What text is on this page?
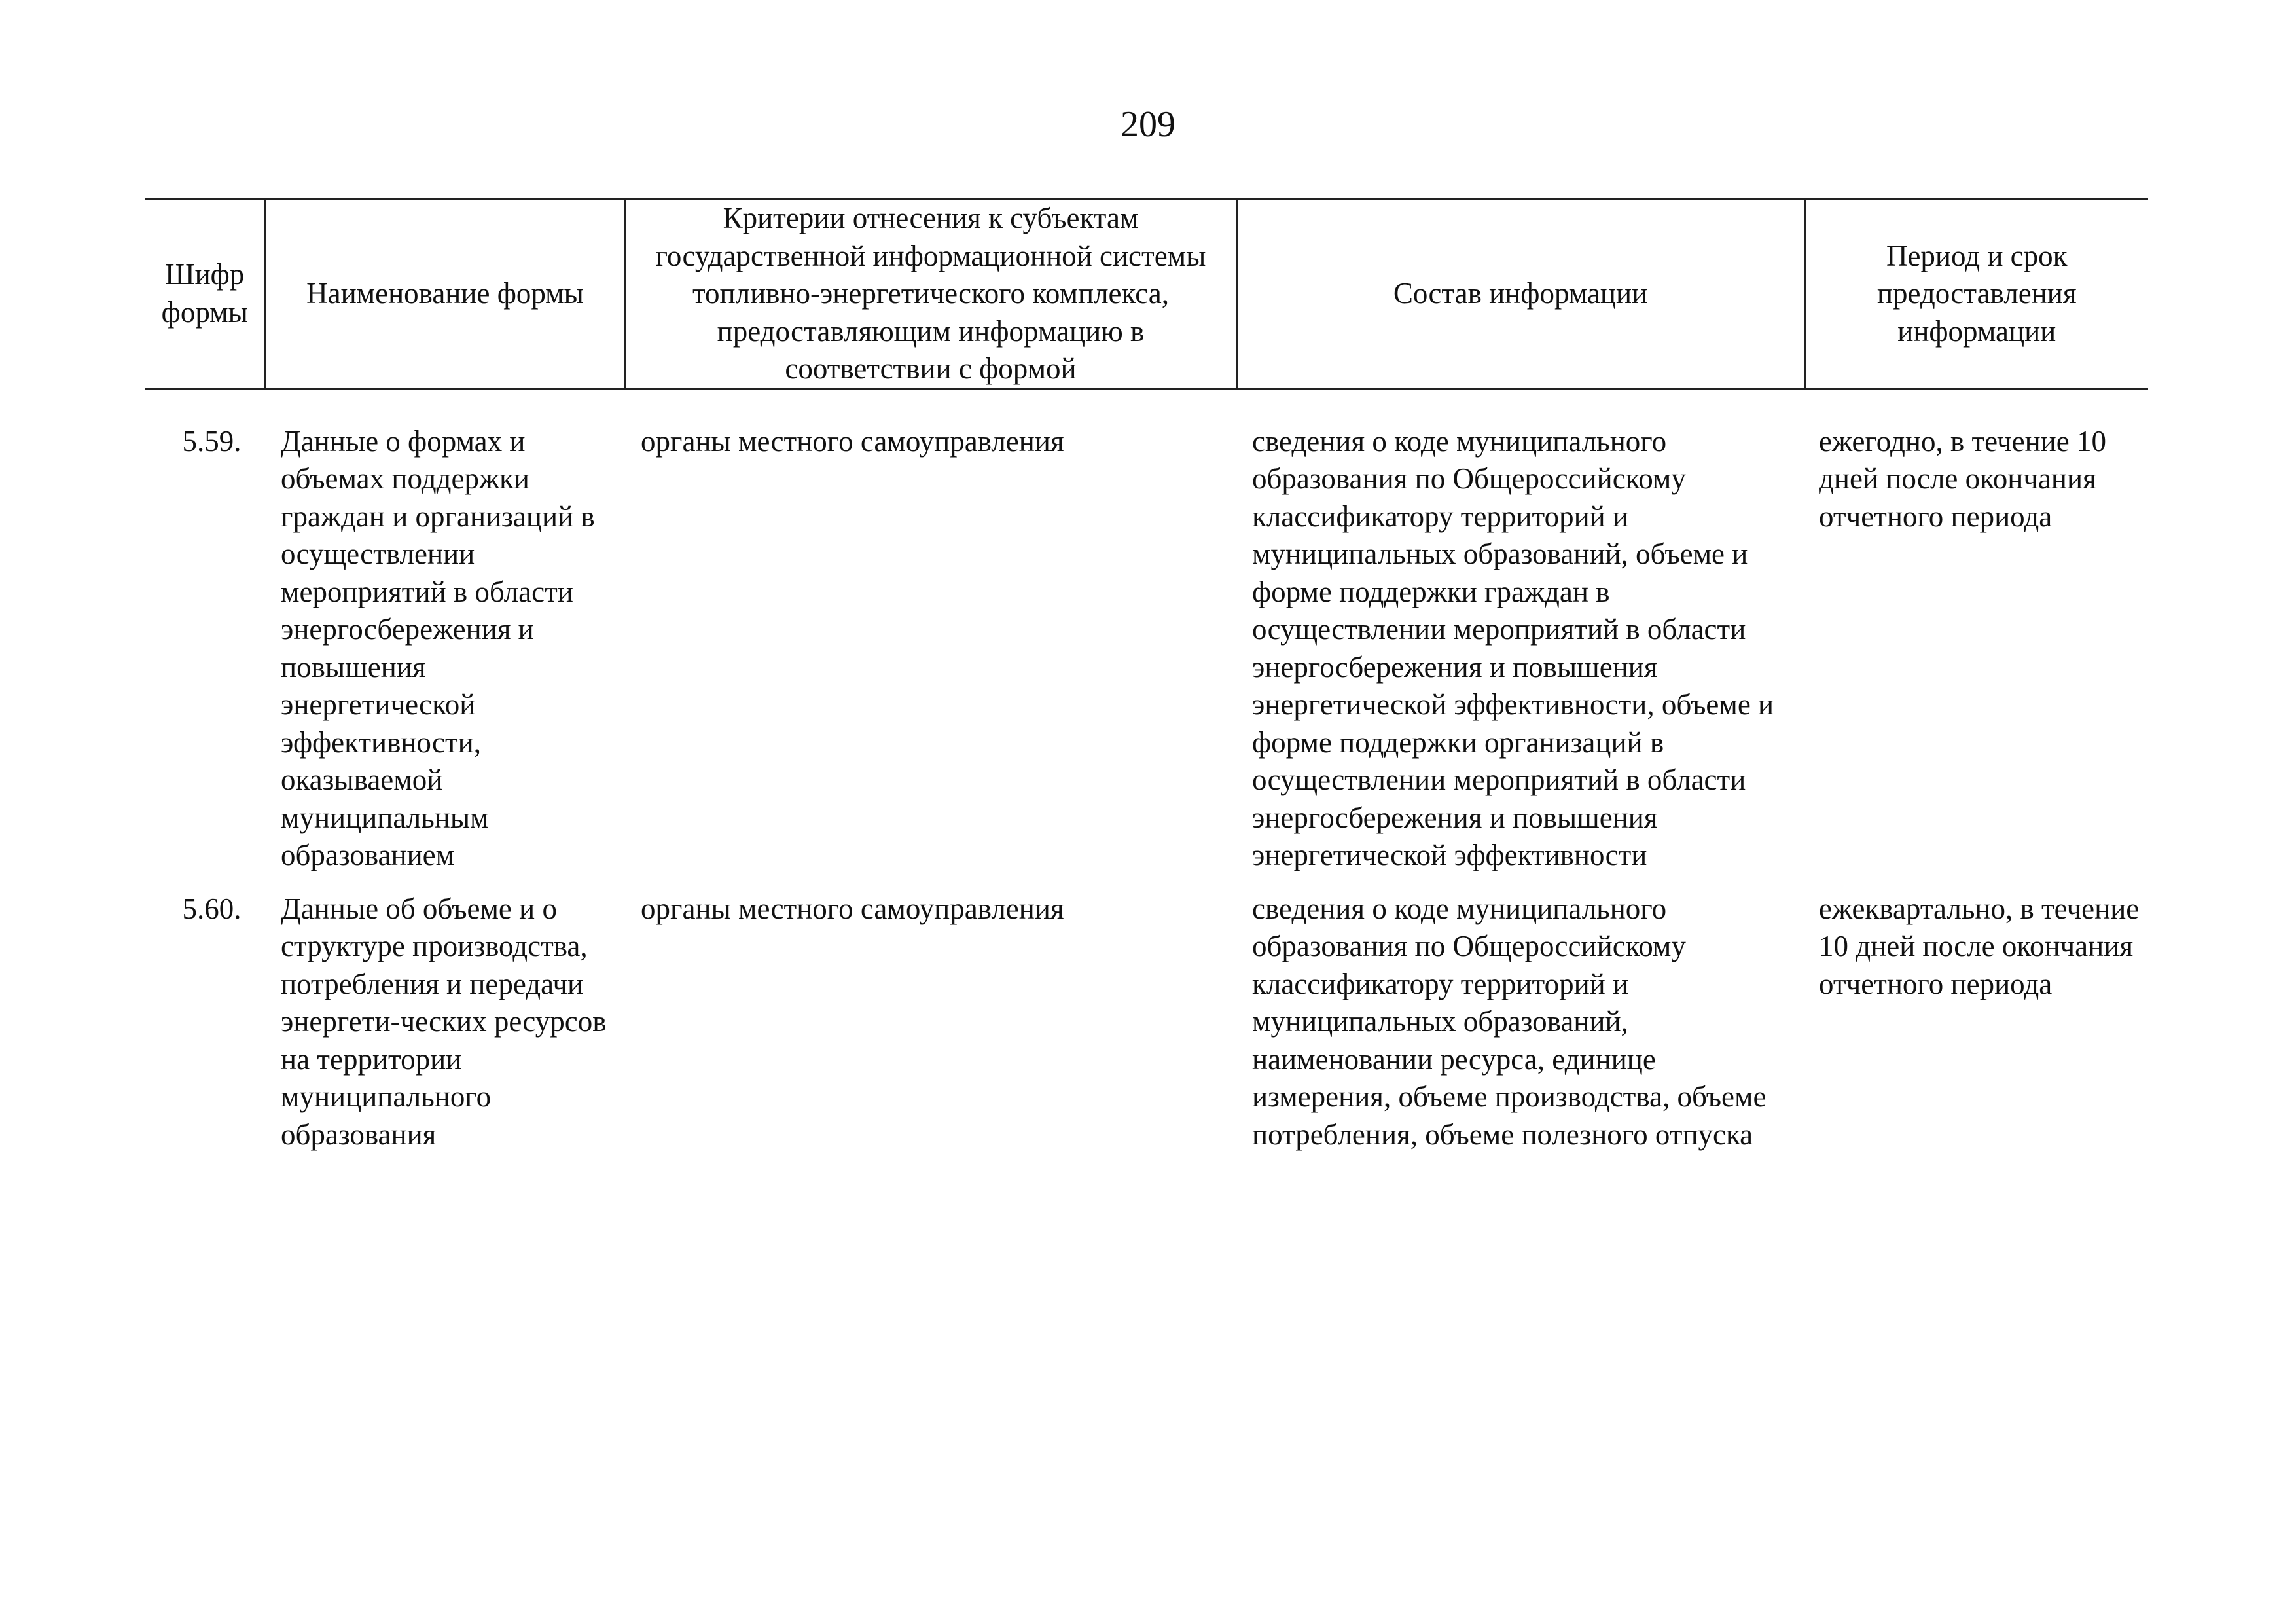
209
Шифр формы	Наименование формы	Критерии отнесения к субъектам государственной информационной системы топливно-энергетического комплекса, предоставляющим информацию в соответствии с формой	Состав информации	Период и срок предоставления информации
5.59.	Данные о формах и объемах поддержки граждан и организаций в осуществлении мероприятий в области энергосбережения и повышения энергетической эффективности, оказываемой муниципальным образованием	органы местного самоуправления	сведения о коде муниципального образования по Общероссийскому классификатору территорий и муниципальных образований, объеме и форме поддержки граждан в осуществлении мероприятий в области энергосбережения и повышения энергетической эффективности, объеме и форме поддержки организаций в осуществлении мероприятий в области энергосбережения и повышения энергетической эффективности	ежегодно, в течение 10 дней после окончания отчетного периода
5.60.	Данные об объеме и о структуре производства, потребления и передачи энергети-ческих ресурсов на территории муниципального образования	органы местного самоуправления	сведения о коде муниципального образования по Общероссийскому классификатору территорий и муниципальных образований, наименовании ресурса, единице измерения, объеме производства, объеме потребления, объеме полезного отпуска	ежеквартально, в течение 10 дней после окончания отчетного периода
